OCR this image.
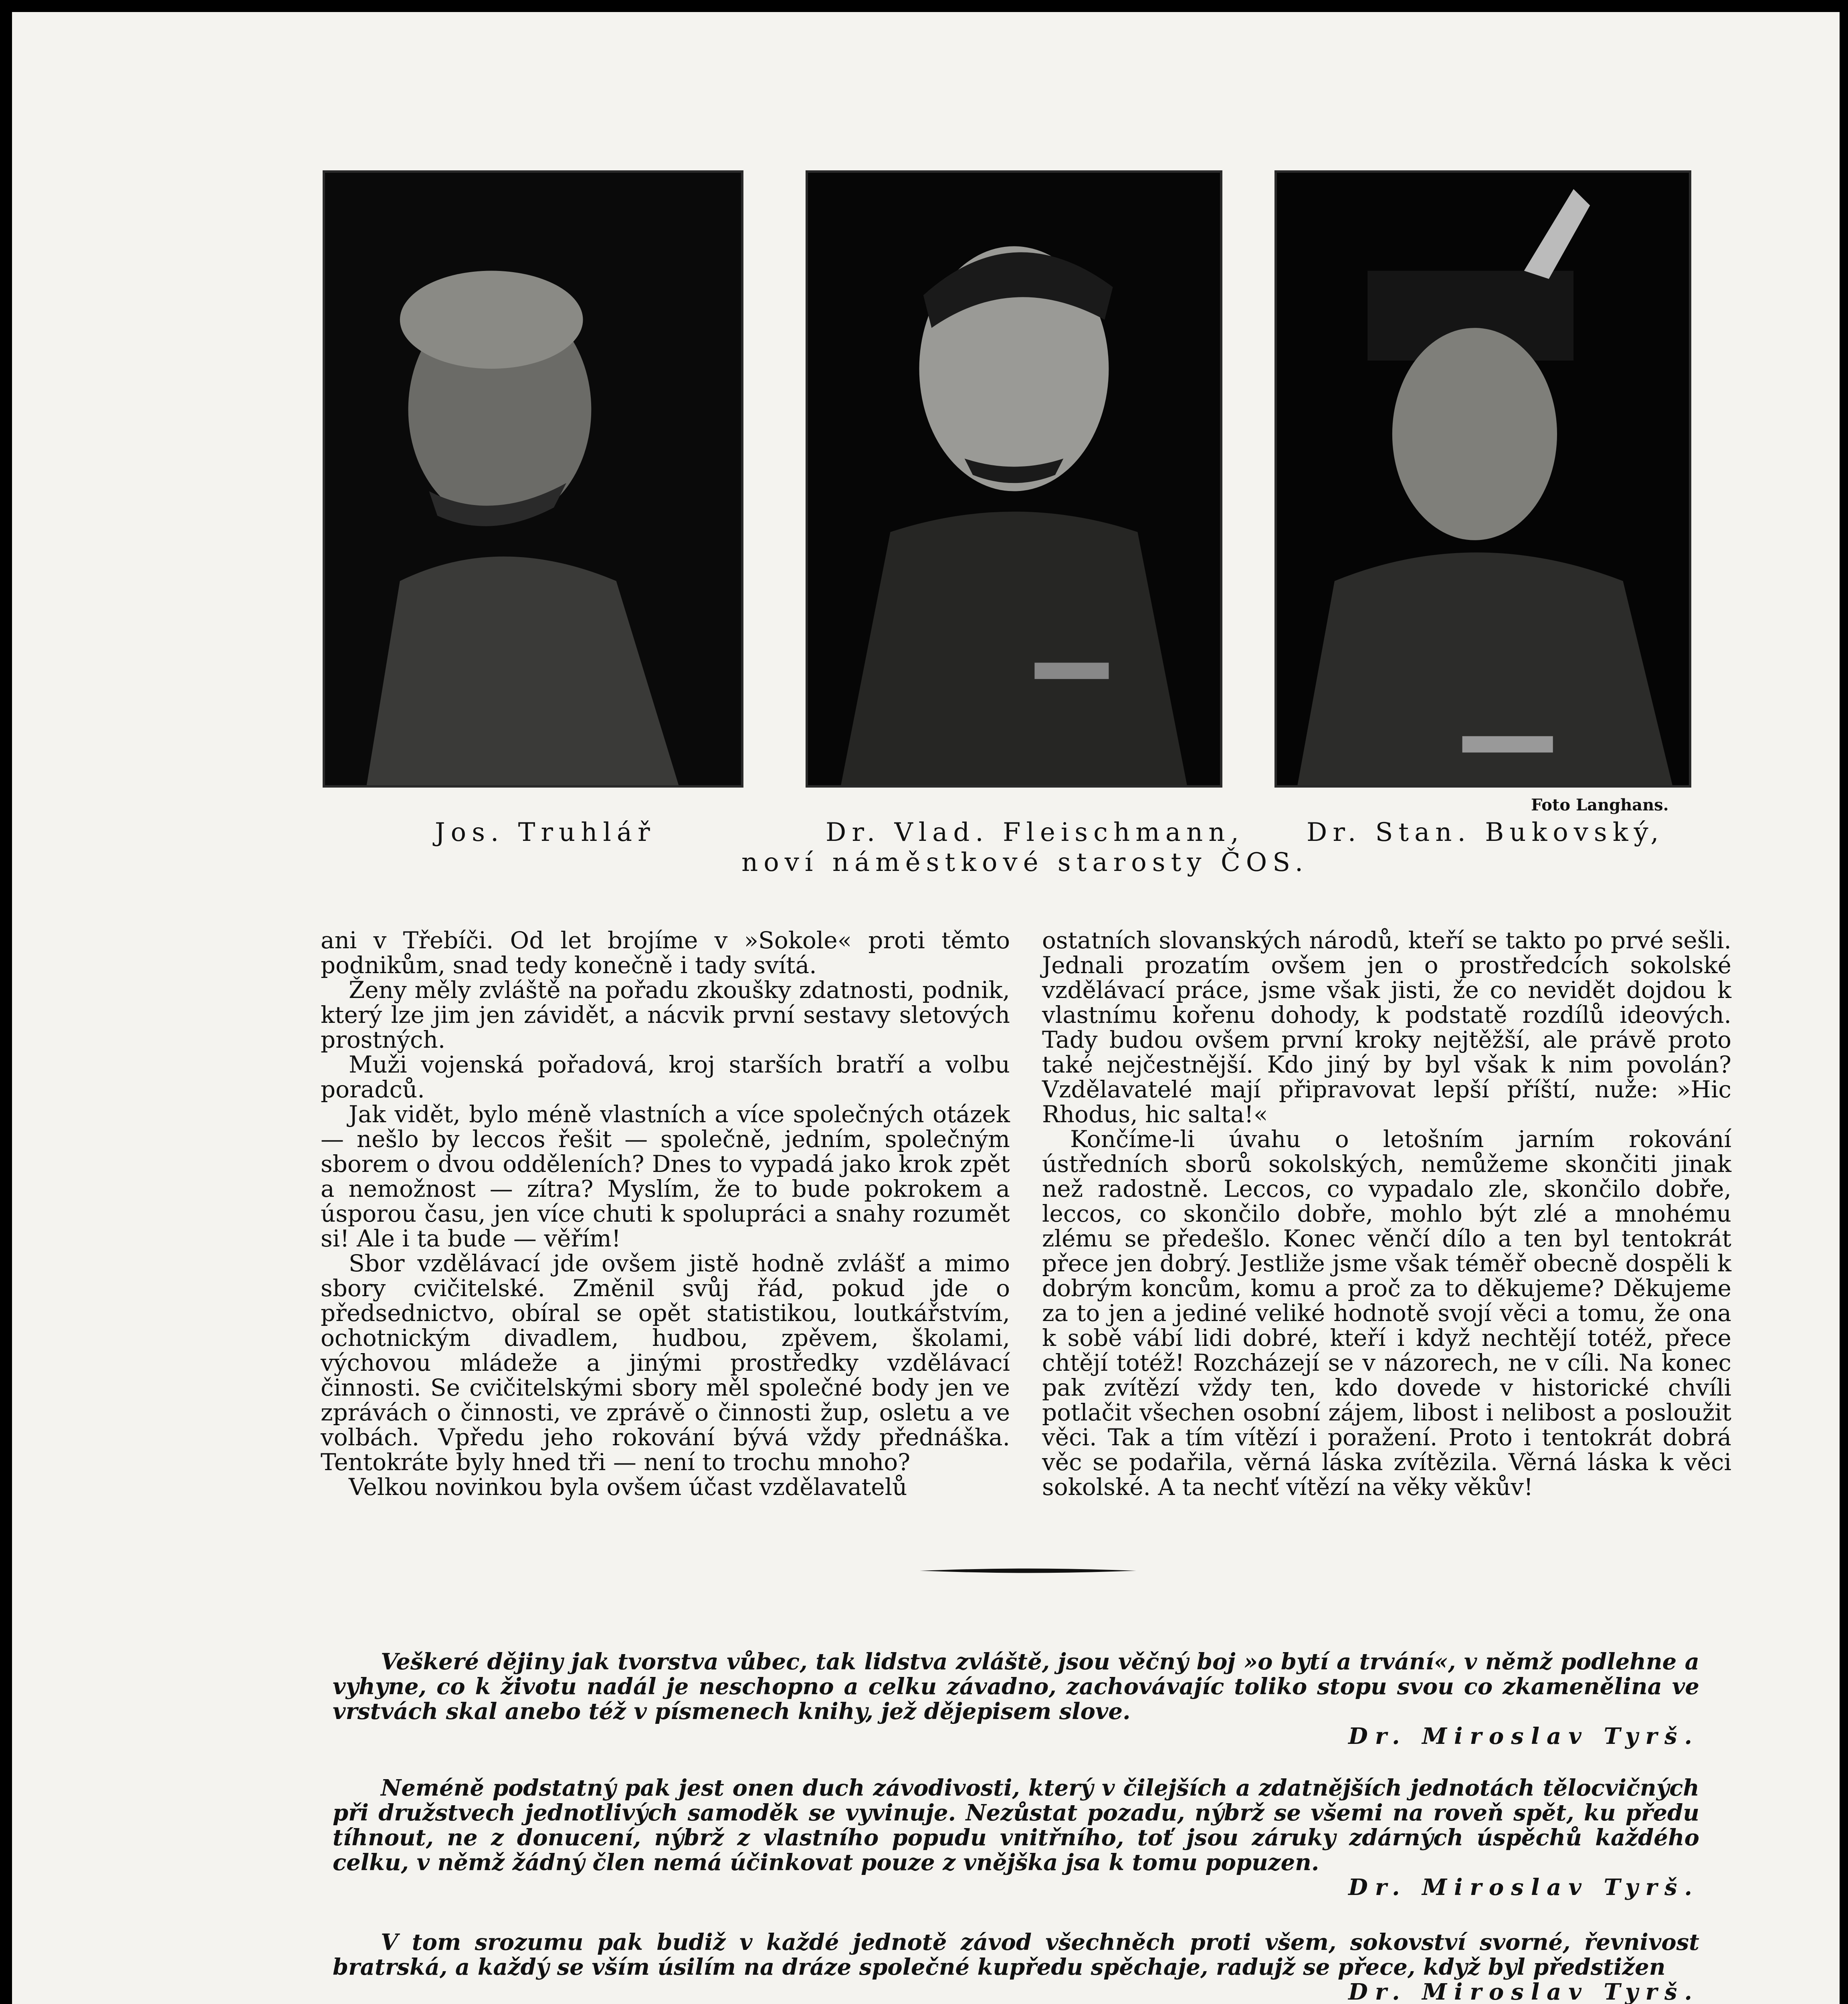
Foto Langhans.
Jos. Truhlář	Dr. Vlad. Fleischmann, Dr. Stan. Bukovský,
noví náměstkové starosty ČOS.

ani v Třebíči. Od let brojíme v »Sokole« proti těmto podnikům, snad tedy konečně i tady svítá.

Ženy měly zvláště na pořadu zkoušky zdatnosti, podnik, který lze jim jen závidět, a nácvik první sestavy sletových prostných.

Muži vojenská pořadová, kroj starších bratří a volbu poradců.

Jak vidět, bylo méně vlastních a více společných otázek — nešlo by leccos řešit — společně, jedním, společným sborem o dvou odděleních? Dnes to vypadá jako krok zpět a nemožnost — zítra? Myslím, že to bude pokrokem a úsporou času, jen více chuti k spolupráci a snahy rozumět si! Ale i ta bude — věřím!

Sbor vzdělávací jde ovšem jistě hodně zvlášť a mimo sbory cvičitelské. Změnil svůj řád, pokud jde o předsednictvo, obíral se opět statistikou, loutkářstvím, ochotnickým divadlem, hudbou, zpěvem, školami, výchovou mládeže a jinými prostředky vzdělávací činnosti. Se cvičitelskými sbory měl společné body jen ve zprávách o činnosti, ve zprávě o činnosti žup, osletu a ve volbách. Vpředu jeho rokování bývá vždy přednáška. Tentokráte byly hned tři — není to trochu mnoho?

Velkou novinkou byla ovšem účast vzdělavatelů

ostatních slovanských národů, kteří se takto po prvé sešli. Jednali prozatím ovšem jen o prostředcích sokolské vzdělávací práce, jsme však jisti, že co nevidět dojdou k vlastnímu kořenu dohody, k podstatě rozdílů ideových. Tady budou ovšem první kroky nejtěžší, ale právě proto také nejčestnější. Kdo jiný by byl však k nim povolán? Vzdělavatelé mají připravovat lepší příští, nuže: »Hic Rhodus, hic salta!«

Končíme-li úvahu o letošním jarním rokování ústředních sborů sokolských, nemůžeme skončiti jinak než radostně. Leccos, co vypadalo zle, skončilo dobře, leccos, co skončilo dobře, mohlo být zlé a mnohému zlému se předešlo. Konec věnčí dílo a ten byl tentokrát přece jen dobrý. Jestliže jsme však téměř obecně dospěli k dobrým koncům, komu a proč za to děkujeme? Děkujeme za to jen a jediné veliké hodnotě svojí věci a tomu, že ona k sobě vábí lidi dobré, kteří i když nechtějí totéž, přece chtějí totéž! Rozcházejí se v názorech, ne v cíli. Na konec pak zvítězí vždy ten, kdo dovede v historické chvíli potlačit všechen osobní zájem, libost i nelibost a posloužit věci. Tak a tím vítězí i poražení. Proto i tentokrát dobrá věc se podařila, věrná láska zvítězila. Věrná láska k věci sokolské. A ta nechť vítězí na věky věkův!

Veškeré dějiny jak tvorstva vůbec, tak lidstva zvláště, jsou věčný boj »o bytí a trvání«, v němž podlehne a vyhyne, co k životu nadál je neschopno a celku závadno, zachovávajíc toliko stopu svou co zkamenělina ve vrstvách skal anebo též v písmenech knihy, jež dějepisem slove.

Dr. Miroslav Tyrš.

Neméně podstatný pak jest onen duch závodivosti, který v čilejších a zdatnějších jednotách tělocvičných při družstvech jednotlivých samoděk se vyvinuje. Nezůstat pozadu, nýbrž se všemi na roveň spět, ku předu tíhnout, ne z donucení, nýbrž z vlastního popudu vnitřního, toť jsou záruky zdárných úspěchů každého celku, v němž žádný člen nemá účinkovat pouze z vnějška jsa k tomu popuzen.

Dr. Miroslav Tyrš.

V tom srozumu pak budiž v každé jednotě závod všechněch proti všem, sokovství svorné, řevnivost bratrská, a každý se vším úsilím na dráze společné kupředu spěchaje, radujž se přece, když byl předstižen

Dr. Miroslav Tyrš.
